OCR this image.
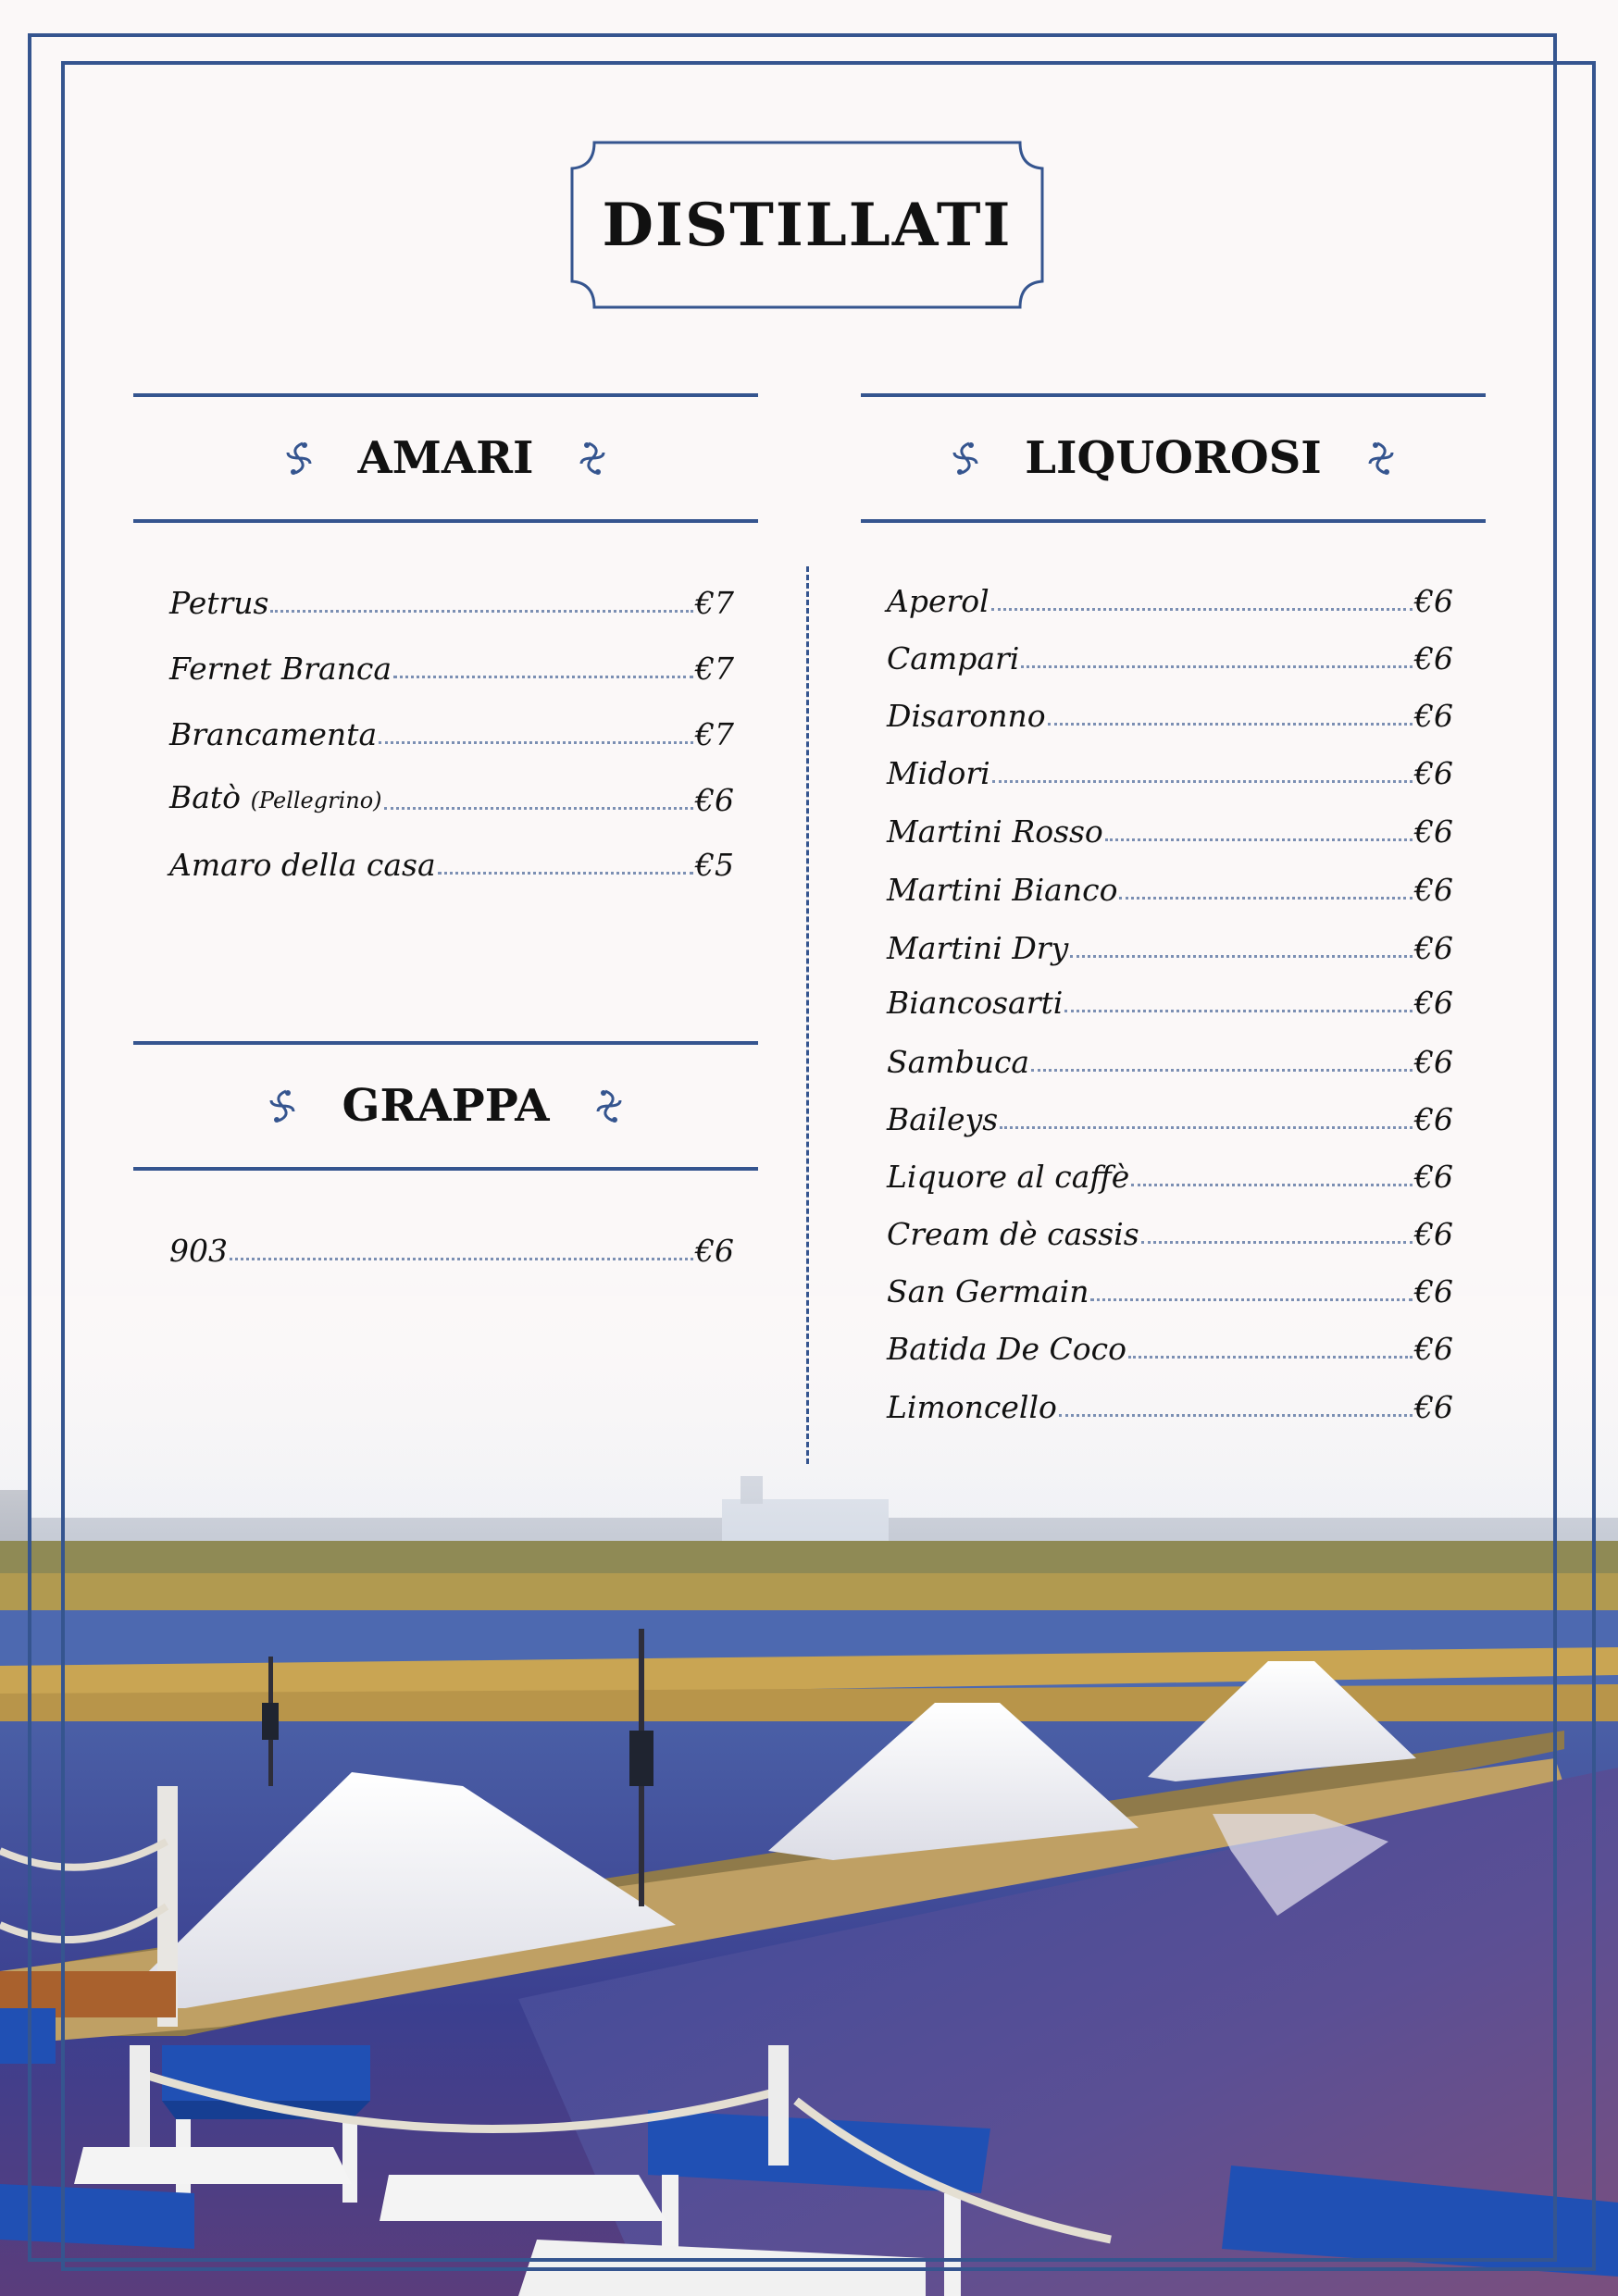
DISTILLATI
AMARI	LIQUOROSI
GRAPPA
Petrus	€7
Fernet Branca	€7
Brancamenta	€7
Batò (Pellegrino)	€6
Amaro della casa	€5
903	€6
Aperol	€6
Campari	€6
Disaronno	€6
Midori	€6
Martini Rosso	€6
Martini Bianco	€6
Martini Dry	€6
Biancosarti	€6
Sambuca	€6
Baileys	€6
Liquore al caffè	€6
Cream dè cassis	€6
San Germain	€6
Batida De Coco	€6
Limoncello	€6
